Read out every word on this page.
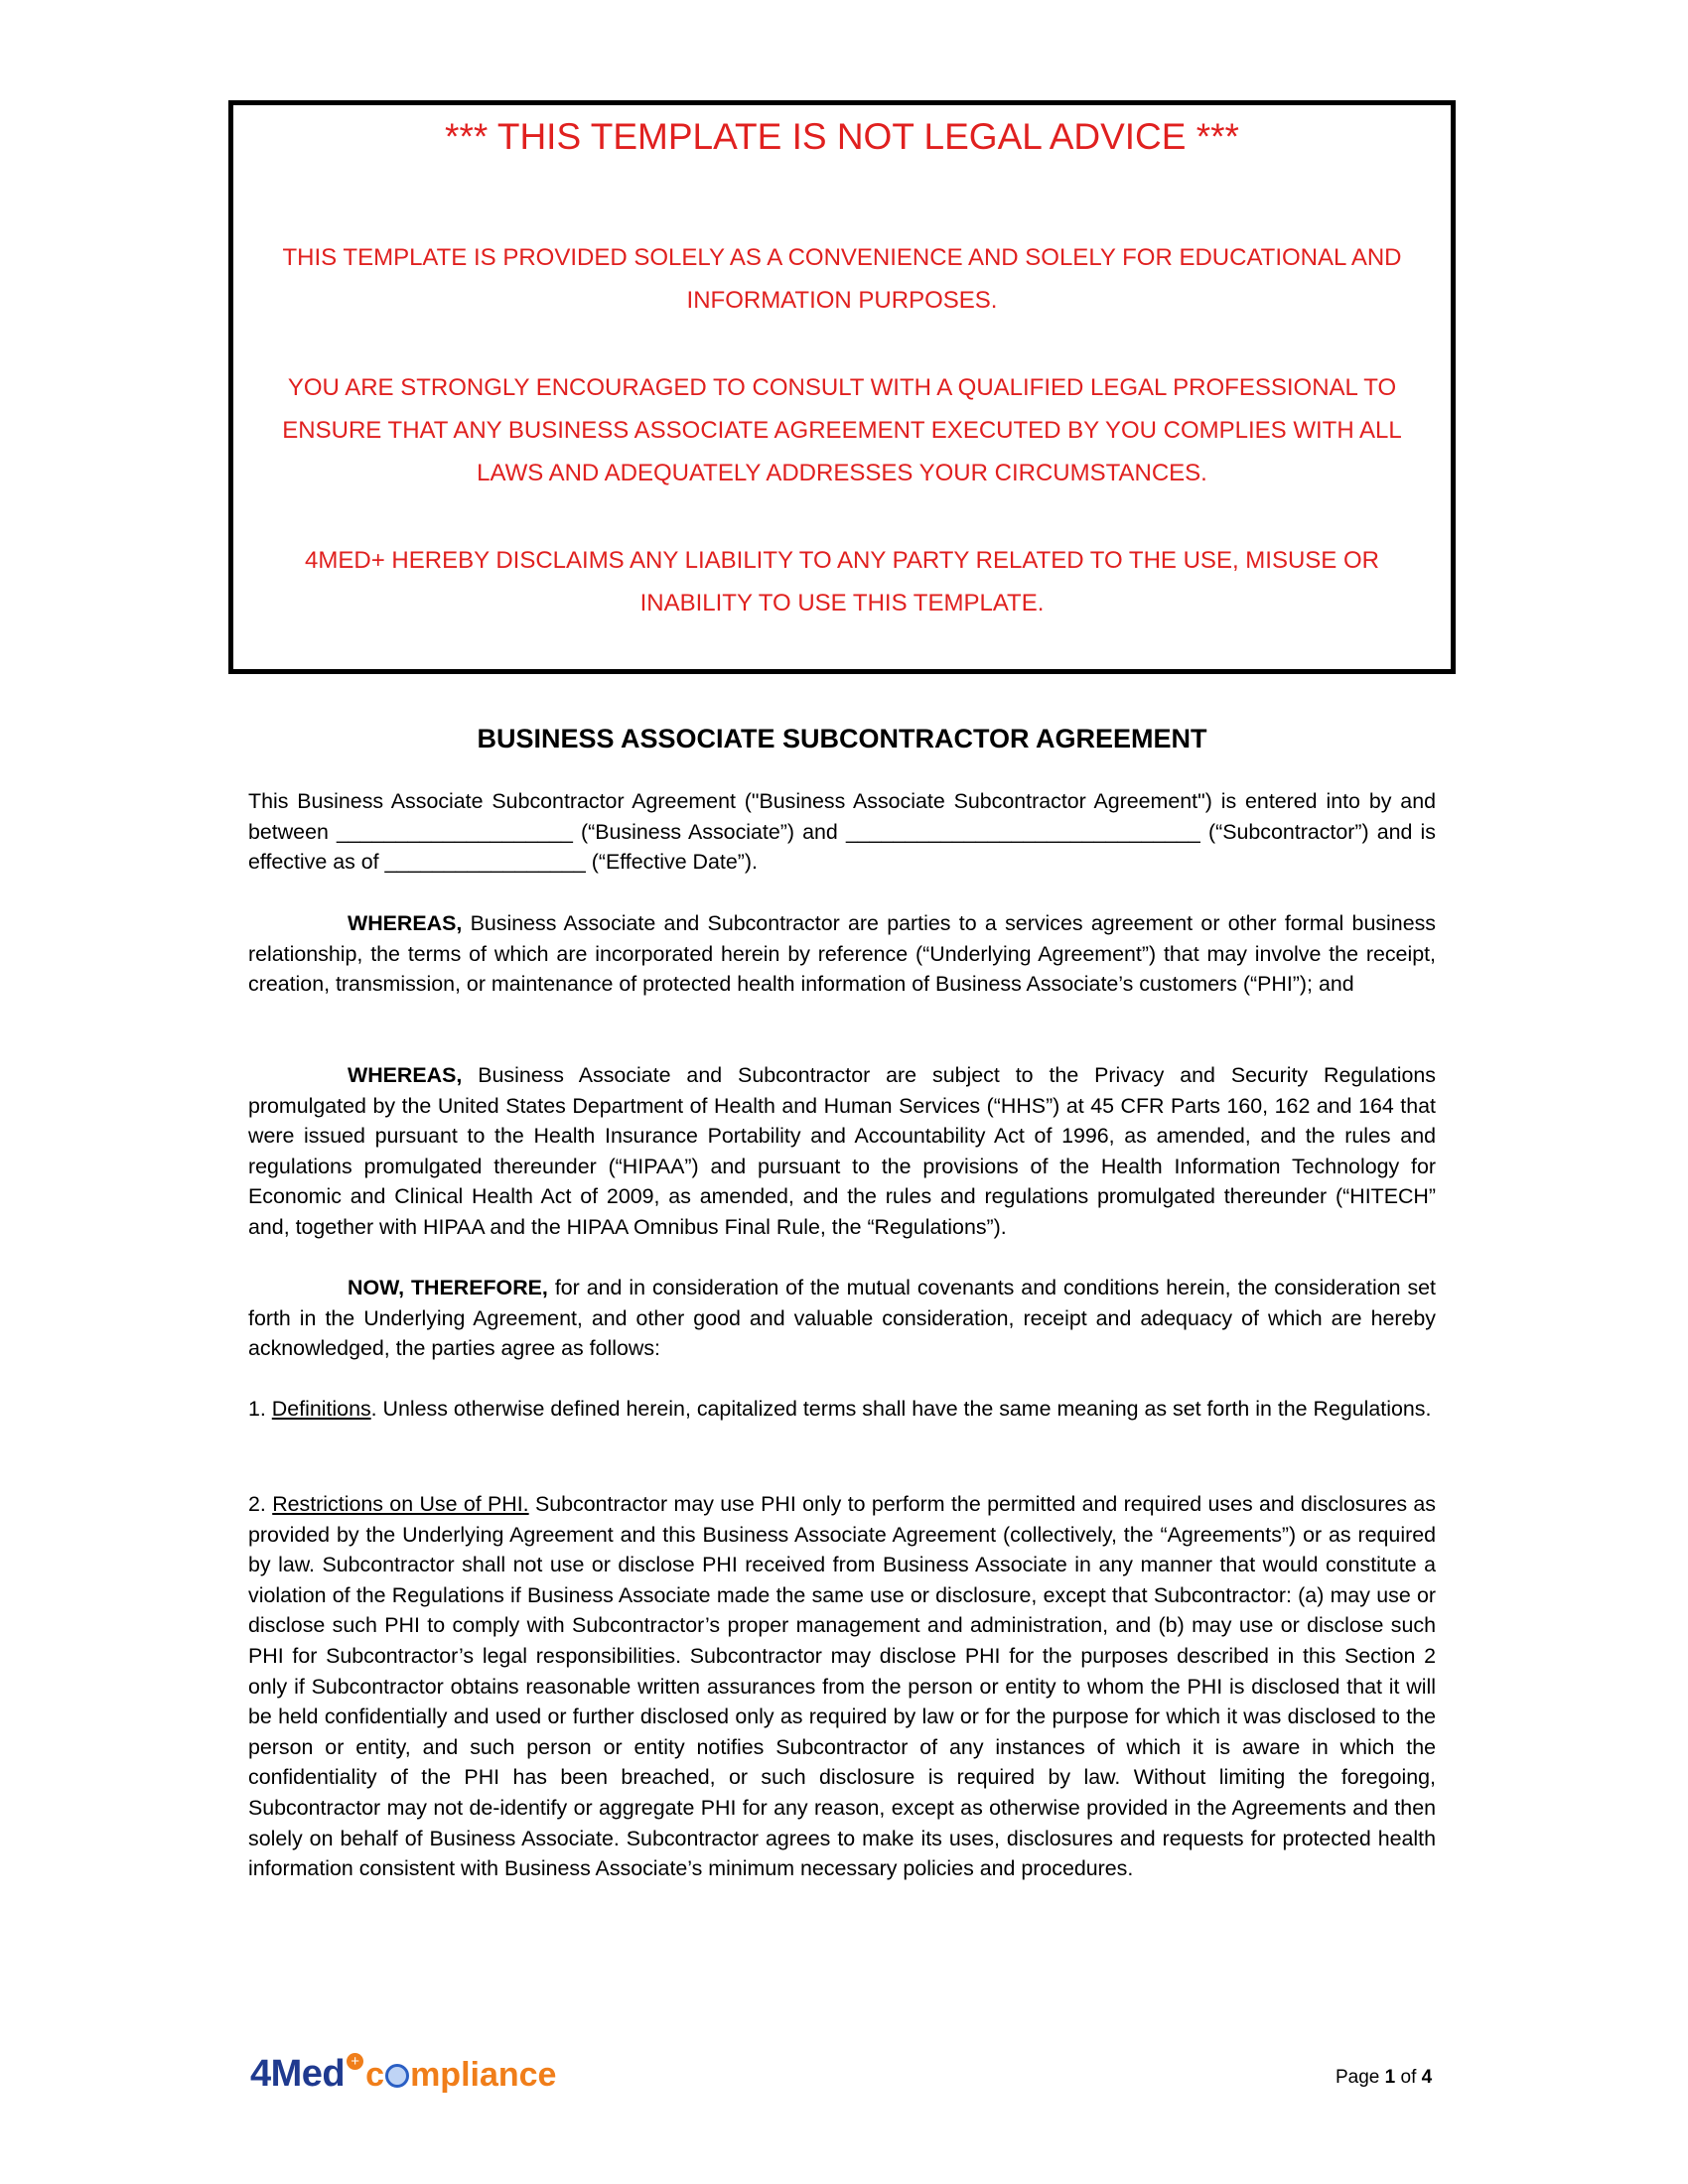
*** THIS TEMPLATE IS NOT LEGAL ADVICE ***
THIS TEMPLATE IS PROVIDED SOLELY AS A CONVENIENCE AND SOLELY FOR EDUCATIONAL AND INFORMATION PURPOSES.
YOU ARE STRONGLY ENCOURAGED TO CONSULT WITH A QUALIFIED LEGAL PROFESSIONAL TO ENSURE THAT ANY BUSINESS ASSOCIATE AGREEMENT EXECUTED BY YOU COMPLIES WITH ALL LAWS AND ADEQUATELY ADDRESSES YOUR CIRCUMSTANCES.
4MED+ HEREBY DISCLAIMS ANY LIABILITY TO ANY PARTY RELATED TO THE USE, MISUSE OR INABILITY TO USE THIS TEMPLATE.
BUSINESS ASSOCIATE SUBCONTRACTOR AGREEMENT

This Business Associate Subcontractor Agreement ("Business Associate Subcontractor Agreement") is entered into by and between ____________________ (“Business Associate”) and ______________________________ (“Subcontractor”) and is effective as of _________________ (“Effective Date”).

WHEREAS, Business Associate and Subcontractor are parties to a services agreement or other formal business relationship, the terms of which are incorporated herein by reference (“Underlying Agreement”) that may involve the receipt, creation, transmission, or maintenance of protected health information of Business Associate’s customers (“PHI”); and

WHEREAS, Business Associate and Subcontractor are subject to the Privacy and Security Regulations promulgated by the United States Department of Health and Human Services (“HHS”) at 45 CFR Parts 160, 162 and 164 that were issued pursuant to the Health Insurance Portability and Accountability Act of 1996, as amended, and the rules and regulations promulgated thereunder (“HIPAA”) and pursuant to the provisions of the Health Information Technology for Economic and Clinical Health Act of 2009, as amended, and the rules and regulations promulgated thereunder (“HITECH” and, together with HIPAA and the HIPAA Omnibus Final Rule, the “Regulations”).

NOW, THEREFORE, for and in consideration of the mutual covenants and conditions herein, the consideration set forth in the Underlying Agreement, and other good and valuable consideration, receipt and adequacy of which are hereby acknowledged, the parties agree as follows:

1. Definitions. Unless otherwise defined herein, capitalized terms shall have the same meaning as set forth in the Regulations.

2. Restrictions on Use of PHI. Subcontractor may use PHI only to perform the permitted and required uses and disclosures as provided by the Underlying Agreement and this Business Associate Agreement (collectively, the “Agreements”) or as required by law. Subcontractor shall not use or disclose PHI received from Business Associate in any manner that would constitute a violation of the Regulations if Business Associate made the same use or disclosure, except that Subcontractor: (a) may use or disclose such PHI to comply with Subcontractor’s proper management and administration, and (b) may use or disclose such PHI for Subcontractor’s legal responsibilities. Subcontractor may disclose PHI for the purposes described in this Section 2 only if Subcontractor obtains reasonable written assurances from the person or entity to whom the PHI is disclosed that it will be held confidentially and used or further disclosed only as required by law or for the purpose for which it was disclosed to the person or entity, and such person or entity notifies Subcontractor of any instances of which it is aware in which the confidentiality of the PHI has been breached, or such disclosure is required by law. Without limiting the foregoing, Subcontractor may not de-identify or aggregate PHI for any reason, except as otherwise provided in the Agreements and then solely on behalf of Business Associate. Subcontractor agrees to make its uses, disclosures and requests for protected health information consistent with Business Associate’s minimum necessary policies and procedures.

4Med + c mpliance	Page 1 of 4
